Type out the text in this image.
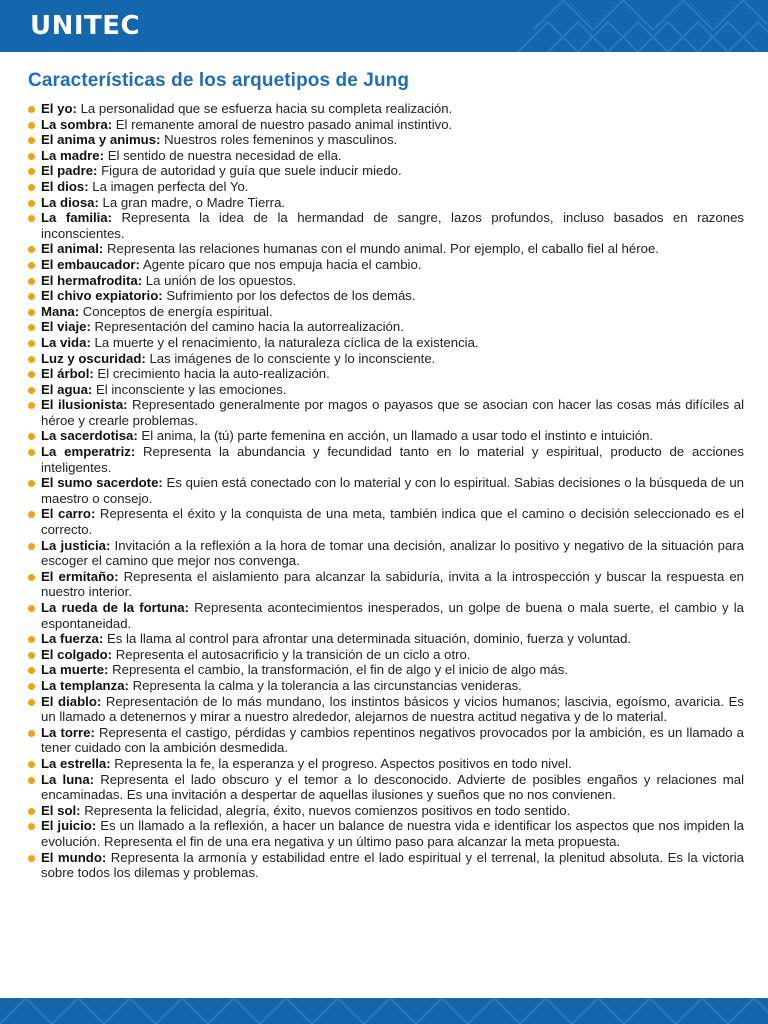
UNITEC
Características de los arquetipos de Jung
El yo: La personalidad que se esfuerza hacia su completa realización.
La sombra: El remanente amoral de nuestro pasado animal instintivo.
El anima y animus: Nuestros roles femeninos y masculinos.
La madre: El sentido de nuestra necesidad de ella.
El padre: Figura de autoridad y guía que suele inducir miedo.
El dios: La imagen perfecta del Yo.
La diosa: La gran madre, o Madre Tierra.
La familia: Representa la idea de la hermandad de sangre, lazos profundos, incluso basados en razones inconscientes.
El animal: Representa las relaciones humanas con el mundo animal. Por ejemplo, el caballo fiel al héroe.
El embaucador: Agente pícaro que nos empuja hacia el cambio.
El hermafrodita: La unión de los opuestos.
El chivo expiatorio: Sufrimiento por los defectos de los demás.
Mana: Conceptos de energía espiritual.
El viaje: Representación del camino hacia la autorrealización.
La vida: La muerte y el renacimiento, la naturaleza cíclica de la existencia.
Luz y oscuridad: Las imágenes de lo consciente y lo inconsciente.
El árbol: El crecimiento hacia la auto-realización.
El agua: El inconsciente y las emociones.
El ilusionista: Representado generalmente por magos o payasos que se asocian con hacer las cosas más difíciles al héroe y crearle problemas.
La sacerdotisa: El anima, la (tú) parte femenina en acción, un llamado a usar todo el instinto e intuición.
La emperatriz: Representa la abundancia y fecundidad tanto en lo material y espiritual, producto de acciones inteligentes.
El sumo sacerdote: Es quien está conectado con lo material y con lo espiritual. Sabias decisiones o la búsqueda de un maestro o consejo.
El carro: Representa el éxito y la conquista de una meta, también indica que el camino o decisión seleccionado es el correcto.
La justicia: Invitación a la reflexión a la hora de tomar una decisión, analizar lo positivo y negativo de la situación para escoger el camino que mejor nos convenga.
El ermitaño: Representa el aislamiento para alcanzar la sabiduría, invita a la introspección y buscar la respuesta en nuestro interior.
La rueda de la fortuna: Representa acontecimientos inesperados, un golpe de buena o mala suerte, el cambio y la espontaneidad.
La fuerza: Es la llama al control para afrontar una determinada situación, dominio, fuerza y voluntad.
El colgado: Representa el autosacrificio y la transición de un ciclo a otro.
La muerte: Representa el cambio, la transformación, el fin de algo y el inicio de algo más.
La templanza: Representa la calma y la tolerancia a las circunstancias venideras.
El diablo: Representación de lo más mundano, los instintos básicos y vicios humanos; lascivia, egoísmo, avaricia. Es un llamado a detenernos y mirar a nuestro alrededor, alejarnos de nuestra actitud negativa y de lo material.
La torre: Representa el castigo, pérdidas y cambios repentinos negativos provocados por la ambición, es un llamado a tener cuidado con la ambición desmedida.
La estrella: Representa la fe, la esperanza y el progreso. Aspectos positivos en todo nivel.
La luna: Representa el lado obscuro y el temor a lo desconocido. Advierte de posibles engaños y relaciones mal encaminadas. Es una invitación a despertar de aquellas ilusiones y sueños que no nos convienen.
El sol: Representa la felicidad, alegría, éxito, nuevos comienzos positivos en todo sentido.
El juicio: Es un llamado a la reflexión, a hacer un balance de nuestra vida e identificar los aspectos que nos impiden la evolución. Representa el fin de una era negativa y un último paso para alcanzar la meta propuesta.
El mundo: Representa la armonía y estabilidad entre el lado espiritual y el terrenal, la plenitud absoluta. Es la victoria sobre todos los dilemas y problemas.
